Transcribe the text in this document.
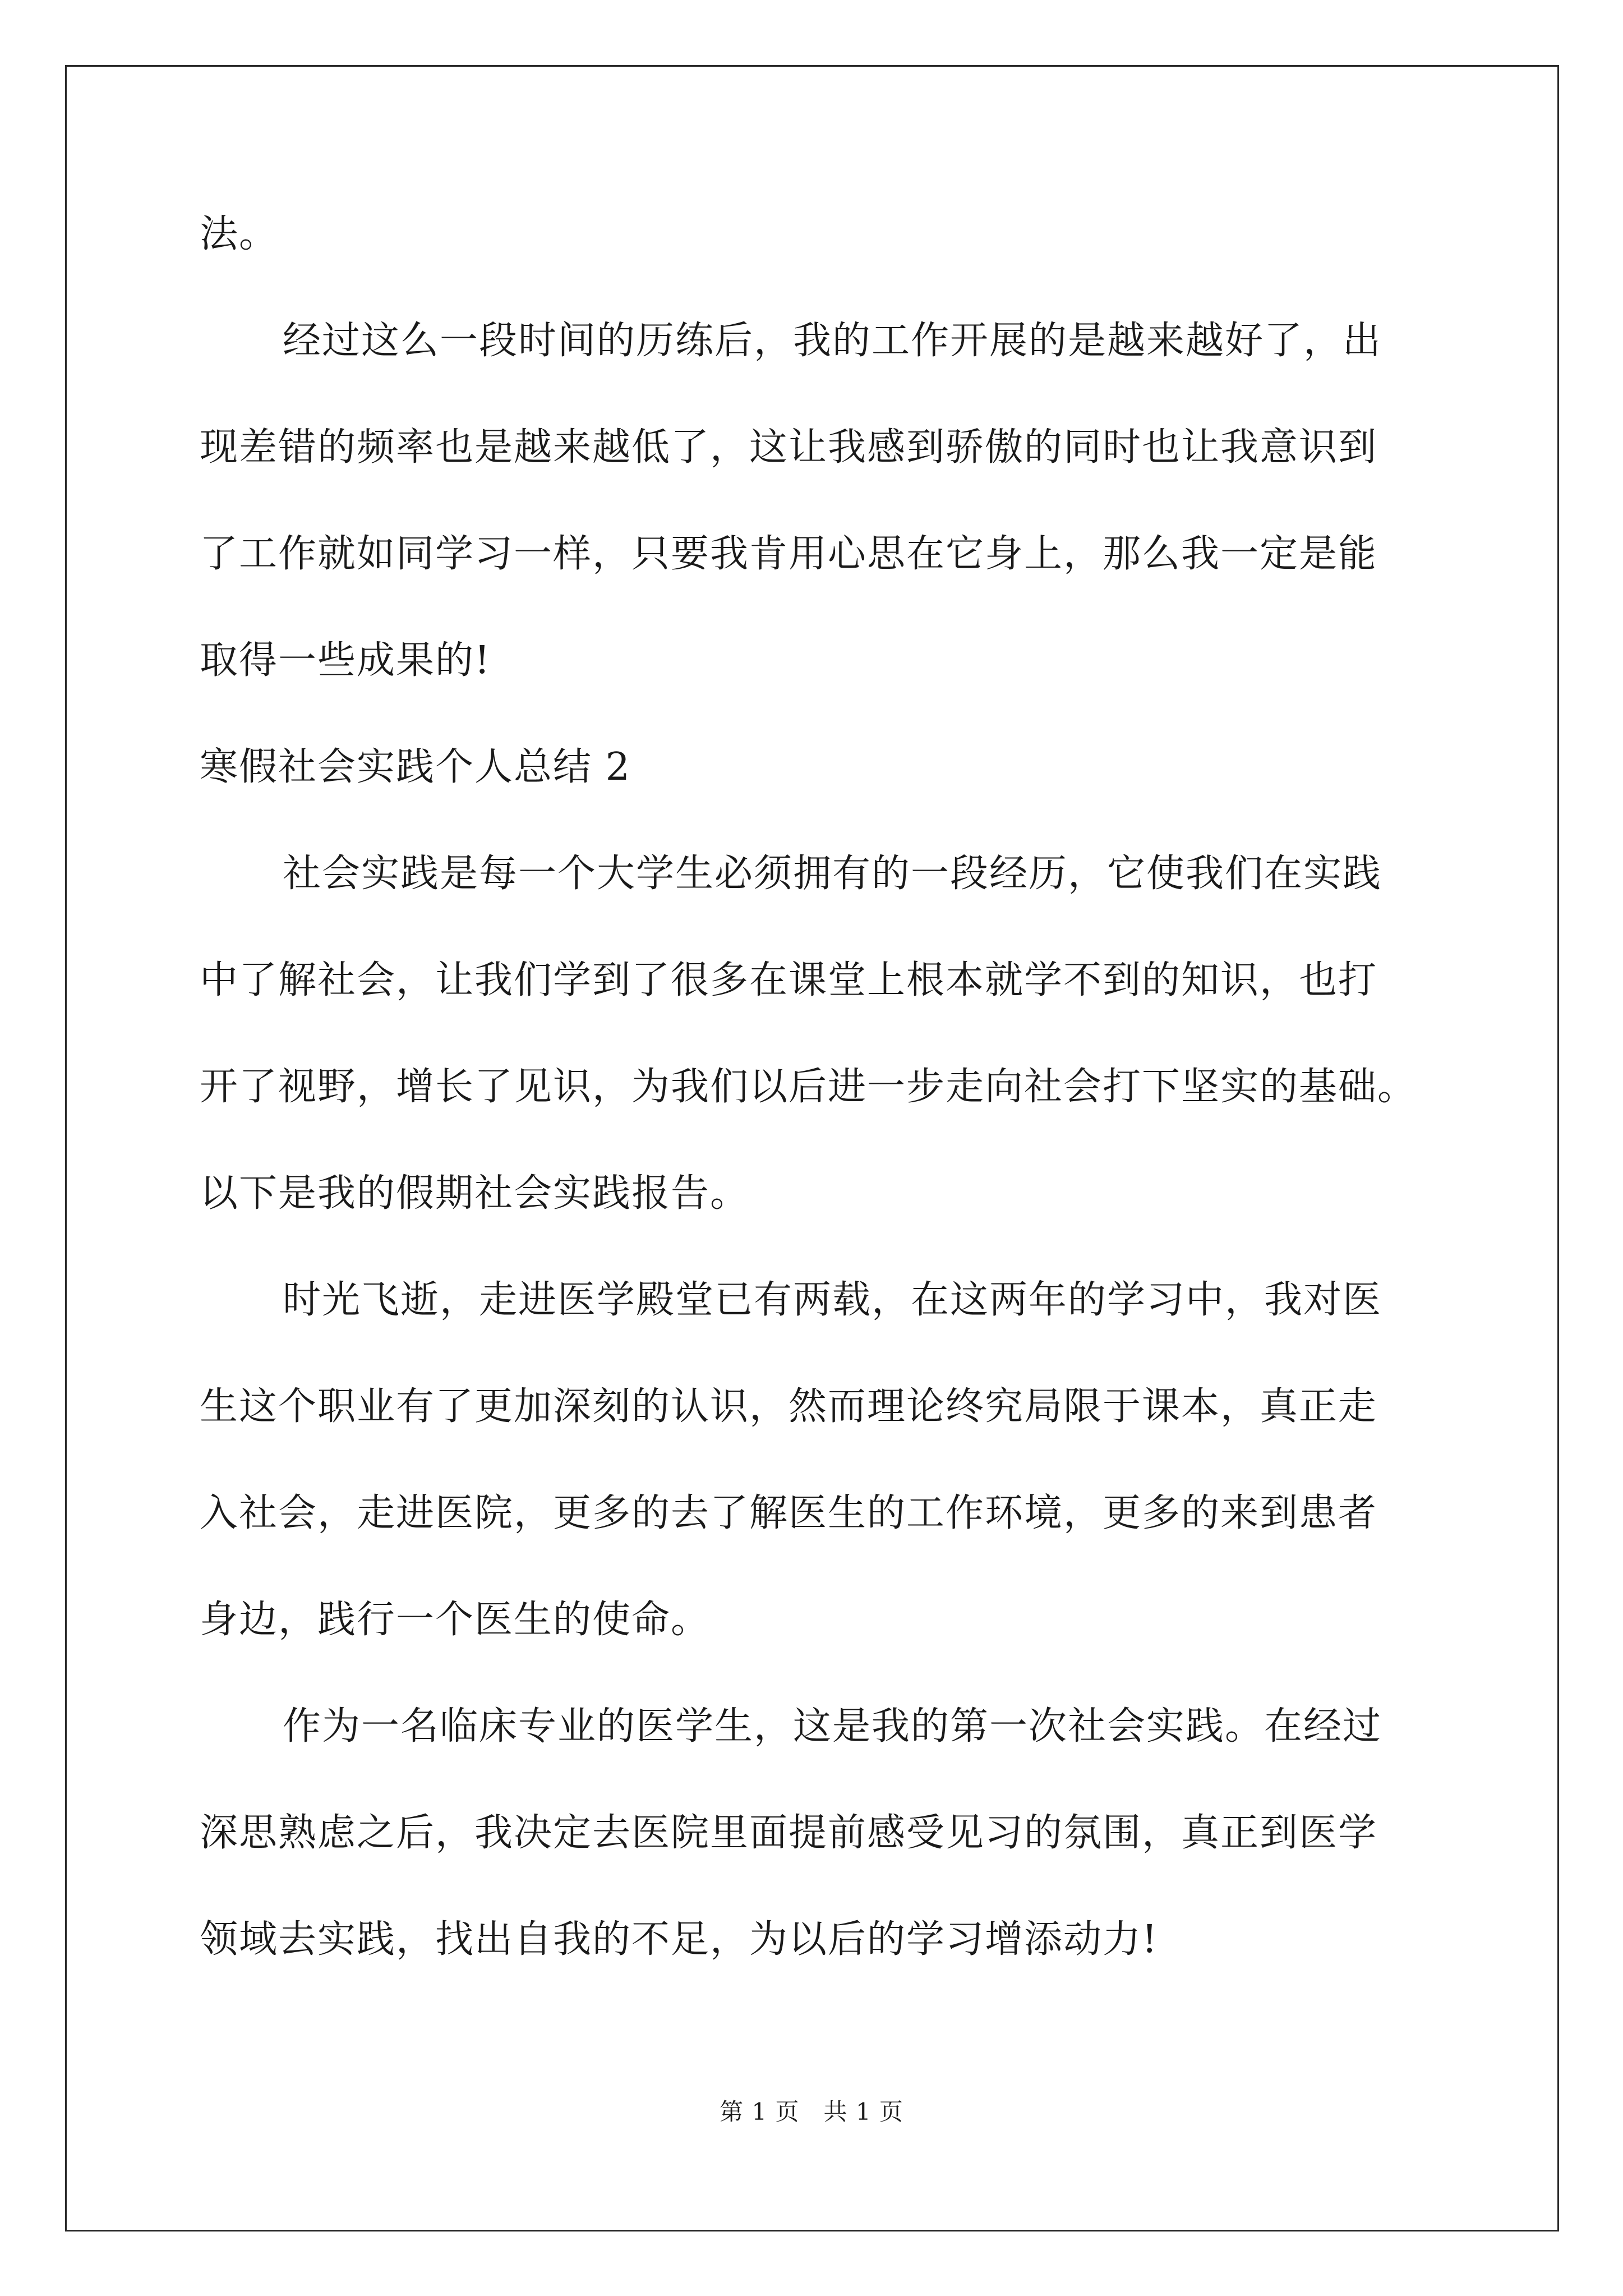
法。
经过这么一段时间的历练后，我的工作开展的是越来越好了，出
现差错的频率也是越来越低了，这让我感到骄傲的同时也让我意识到
了工作就如同学习一样，只要我肯用心思在它身上，那么我一定是能
取得一些成果的!
寒假社会实践个人总结 2
社会实践是每一个大学生必须拥有的一段经历，它使我们在实践
中了解社会，让我们学到了很多在课堂上根本就学不到的知识，也打
开了视野，增长了见识，为我们以后进一步走向社会打下坚实的基础。
以下是我的假期社会实践报告。
时光飞逝，走进医学殿堂已有两载，在这两年的学习中，我对医
生这个职业有了更加深刻的认识，然而理论终究局限于课本，真正走
入社会，走进医院，更多的去了解医生的工作环境，更多的来到患者
身边，践行一个医生的使命。
作为一名临床专业的医学生，这是我的第一次社会实践。在经过
深思熟虑之后，我决定去医院里面提前感受见习的氛围，真正到医学
领域去实践，找出自我的不足，为以后的学习增添动力!
第 1 页　共 1 页
